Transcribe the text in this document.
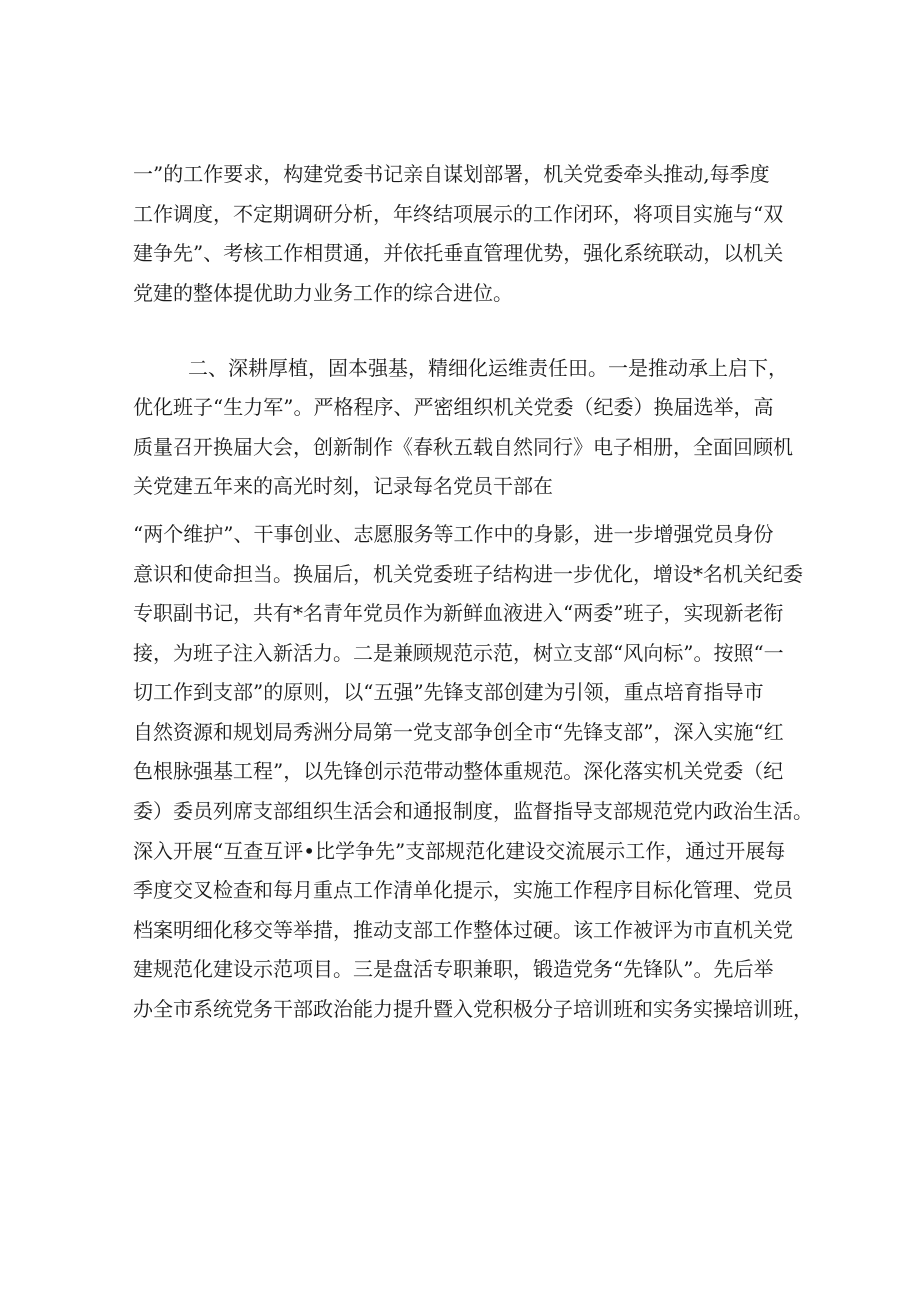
一”的工作要求，构建党委书记亲自谋划部署，机关党委牵头推动,每季度
工作调度，不定期调研分析，年终结项展示的工作闭环，将项目实施与“双
建争先”、考核工作相贯通，并依托垂直管理优势，强化系统联动，以机关
党建的整体提优助力业务工作的综合进位。
二、深耕厚植，固本强基，精细化运维责任田。一是推动承上启下，
优化班子“生力军”。严格程序、严密组织机关党委（纪委）换届选举，高
质量召开换届大会，创新制作《春秋五载自然同行》电子相册，全面回顾机
关党建五年来的高光时刻，记录每名党员干部在
“两个维护”、干事创业、志愿服务等工作中的身影，进一步增强党员身份
意识和使命担当。换届后，机关党委班子结构进一步优化，增设*名机关纪委
专职副书记，共有*名青年党员作为新鲜血液进入“两委”班子，实现新老衔
接，为班子注入新活力。二是兼顾规范示范，树立支部“风向标”。按照“一
切工作到支部”的原则，以“五强”先锋支部创建为引领，重点培育指导市
自然资源和规划局秀洲分局第一党支部争创全市“先锋支部”，深入实施“红
色根脉强基工程”，以先锋创示范带动整体重规范。深化落实机关党委（纪
委）委员列席支部组织生活会和通报制度，监督指导支部规范党内政治生活。
深入开展“互查互评•比学争先”支部规范化建设交流展示工作，通过开展每
季度交叉检查和每月重点工作清单化提示，实施工作程序目标化管理、党员
档案明细化移交等举措，推动支部工作整体过硬。该工作被评为市直机关党
建规范化建设示范项目。三是盘活专职兼职，锻造党务“先锋队”。先后举
办全市系统党务干部政治能力提升暨入党积极分子培训班和实务实操培训班，
